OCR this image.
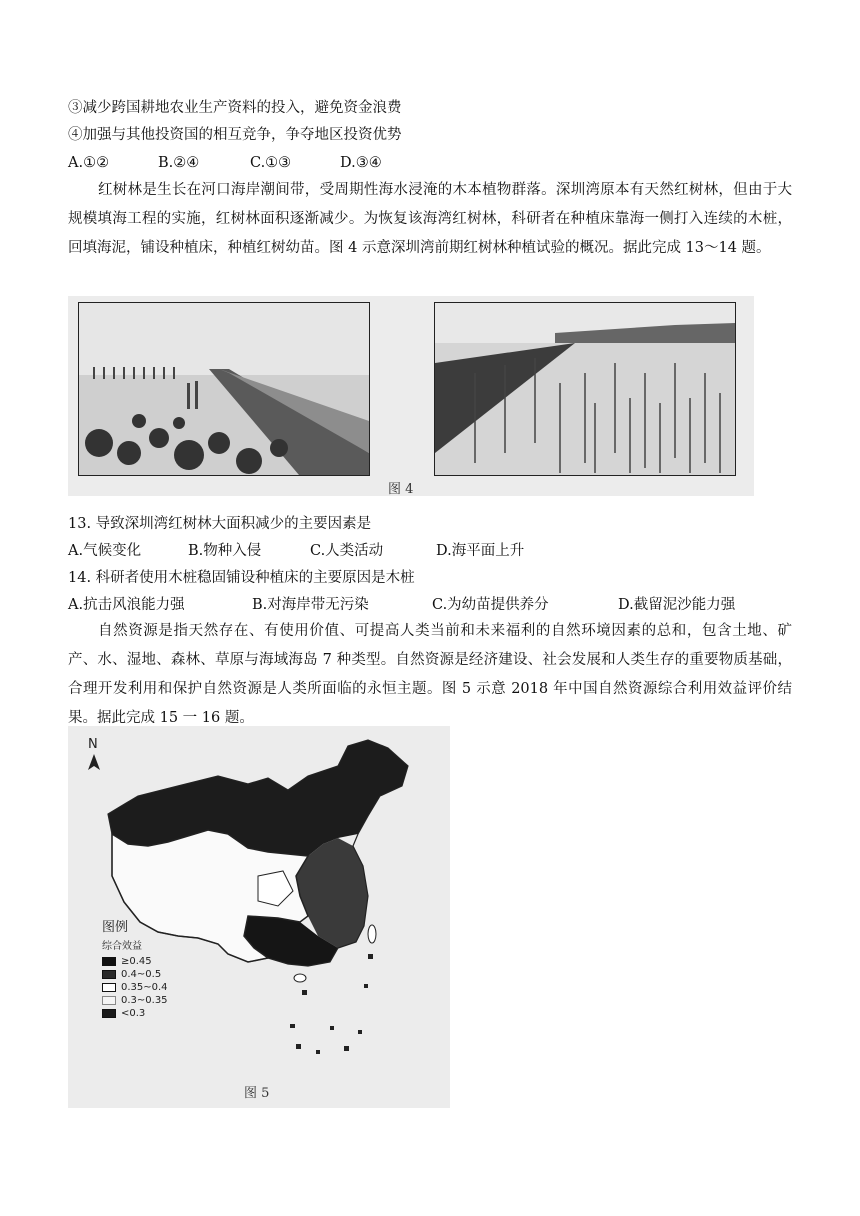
③减少跨国耕地农业生产资料的投入，避免资金浪费
④加强与其他投资国的相互竞争，争夺地区投资优势
A.①②	B.②④	C.①③	D.③④
红树林是生长在河口海岸潮间带，受周期性海水浸淹的木本植物群落。深圳湾原本有天然红树林，但由于大规模填海工程的实施，红树林面积逐渐减少。为恢复该海湾红树林，科研者在种植床靠海一侧打入连续的木桩，回填海泥，铺设种植床，种植红树幼苗。图 4 示意深圳湾前期红树林种植试验的概况。据此完成 13～14 题。
图 4
13. 导致深圳湾红树林大面积减少的主要因素是
A.气候变化	B.物种入侵	C.人类活动	D.海平面上升
14. 科研者使用木桩稳固铺设种植床的主要原因是木桩
A.抗击风浪能力强	B.对海岸带无污染	C.为幼苗提供养分	D.截留泥沙能力强
自然资源是指天然存在、有使用价值、可提高人类当前和未来福利的自然环境因素的总和，包含土地、矿产、水、湿地、森林、草原与海域海岛 7 种类型。自然资源是经济建设、社会发展和人类生存的重要物质基础，合理开发利用和保护自然资源是人类所面临的永恒主题。图 5 示意 2018 年中国自然资源综合利用效益评价结果。据此完成 15 一 16 题。
N
图例
综合效益
≥0.45
0.4~0.5
0.35~0.4
0.3~0.35
<0.3
图 5
